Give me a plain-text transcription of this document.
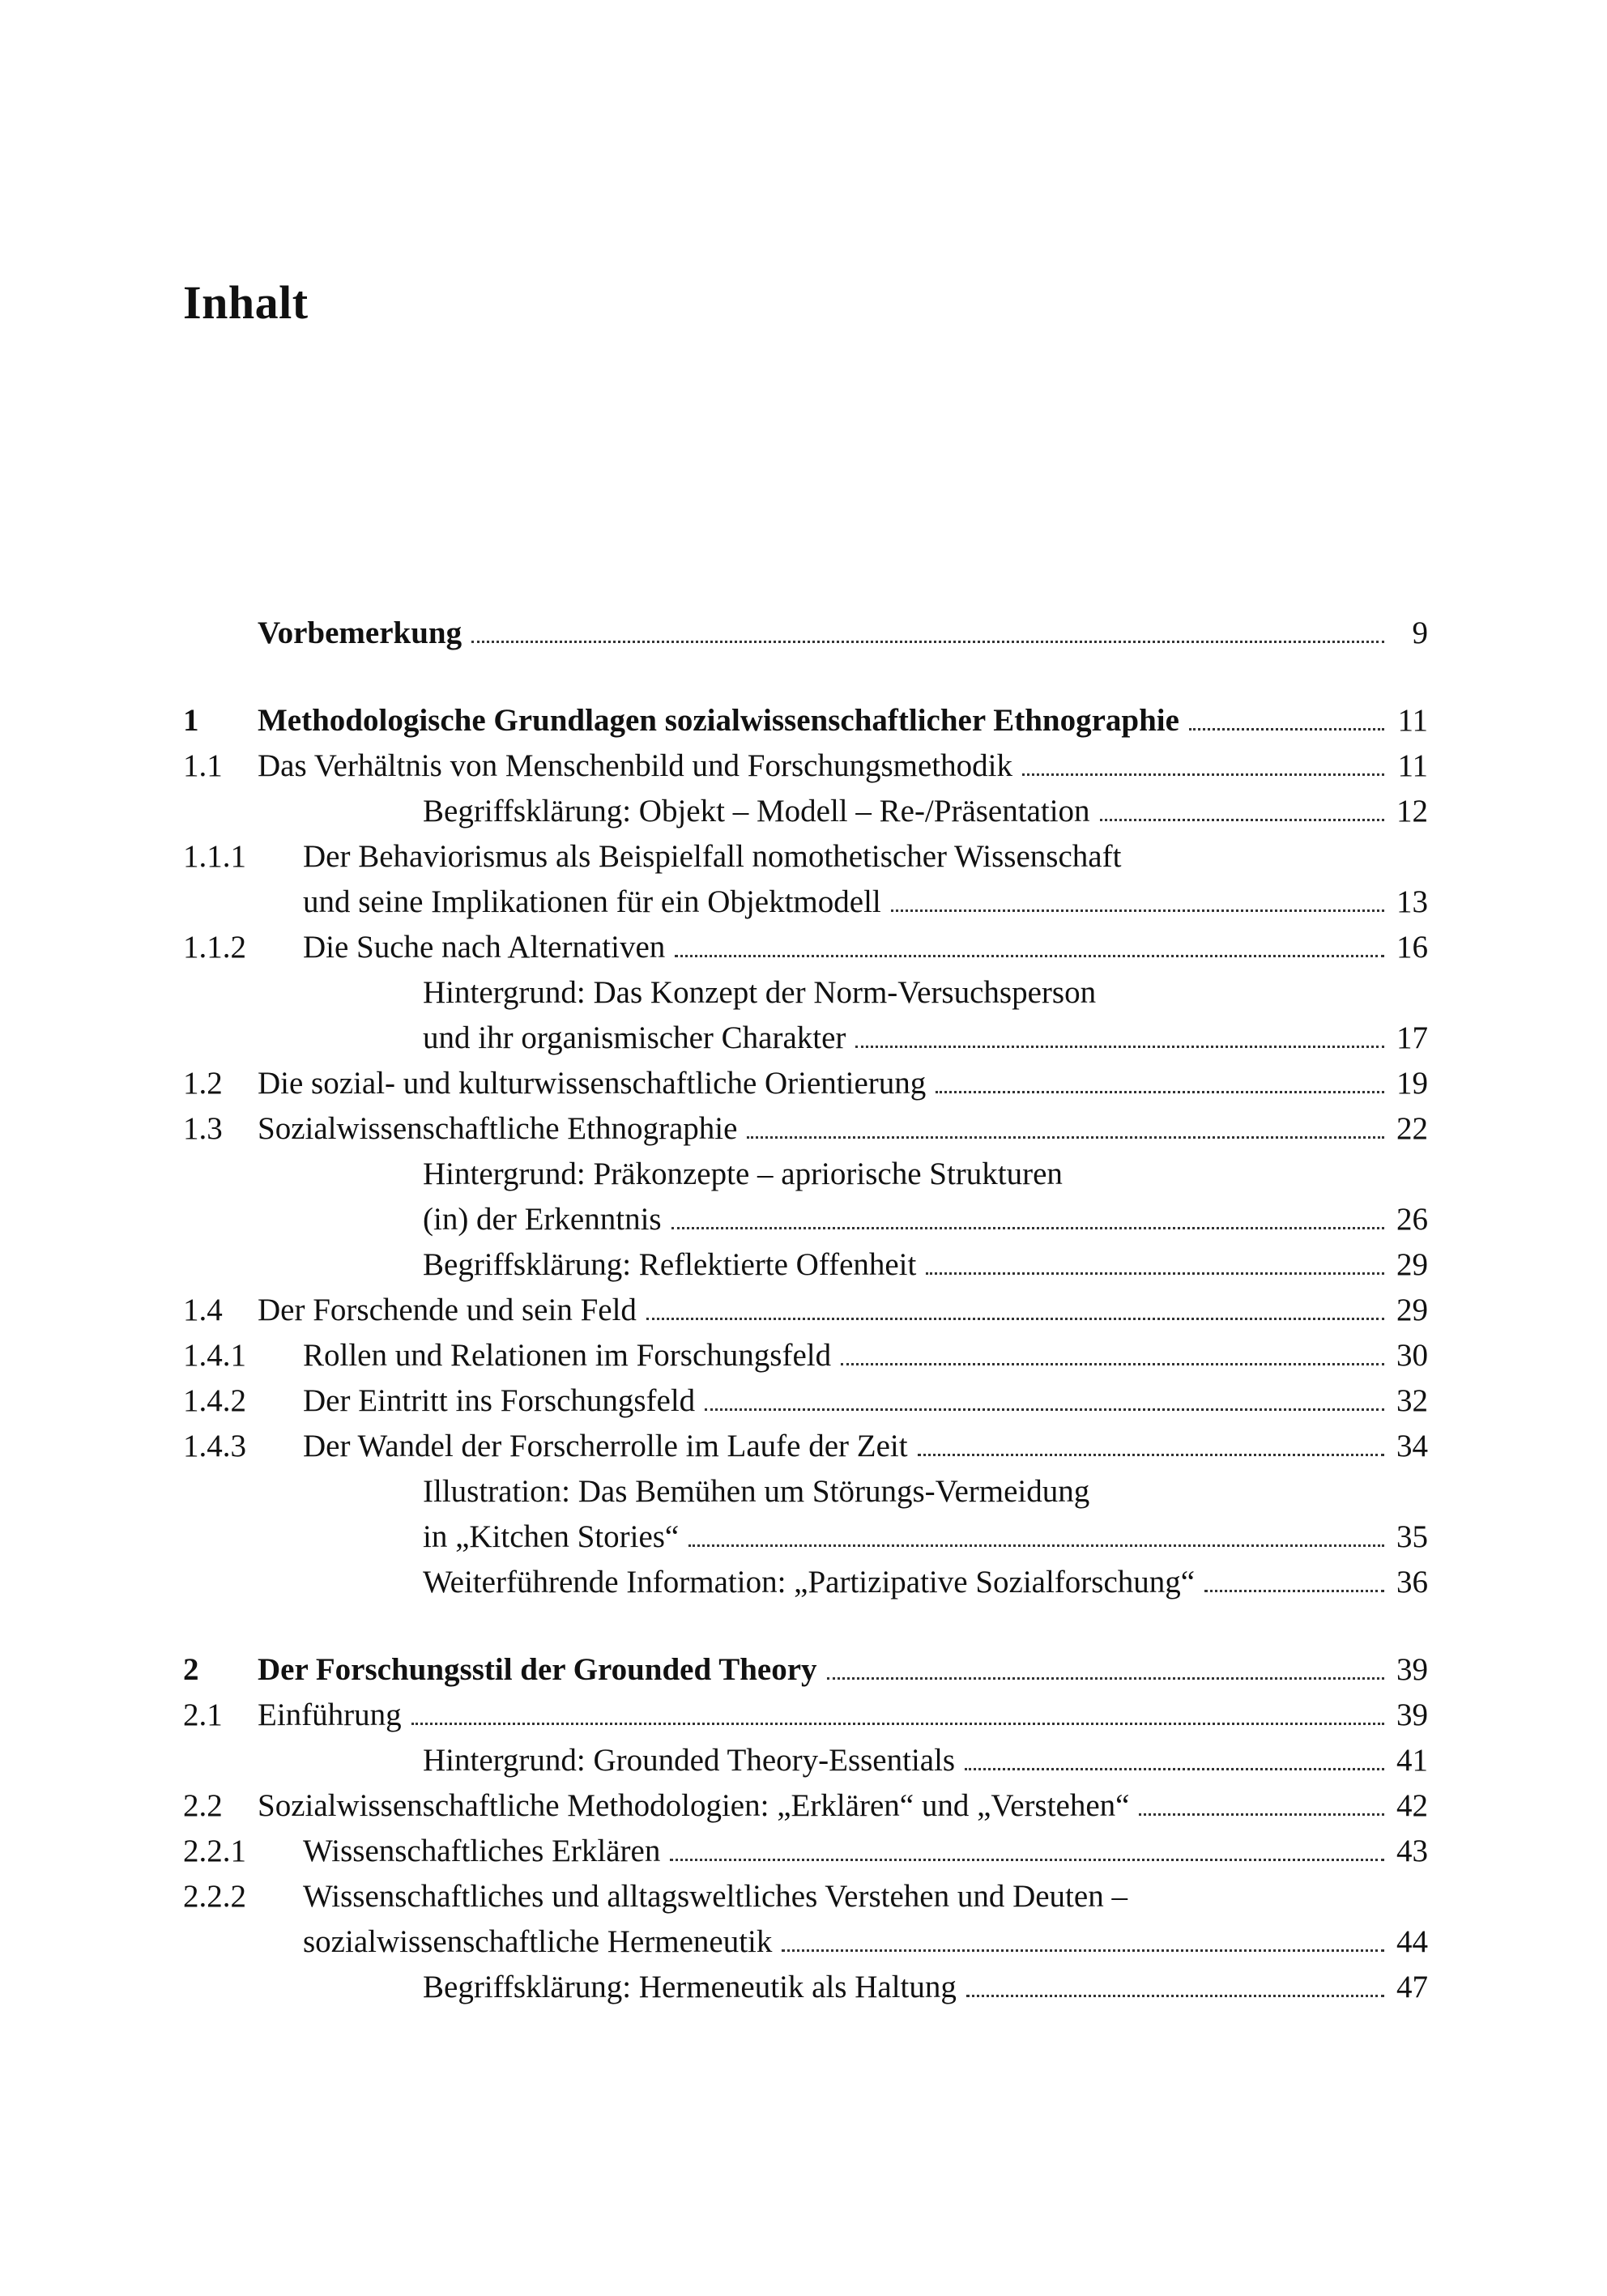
Inhalt
Vorbemerkung	9
1 Methodologische Grundlagen sozialwissenschaftlicher Ethnographie	11
1.1 Das Verhältnis von Menschenbild und Forschungsmethodik	11
Begriffsklärung: Objekt – Modell – Re-/Präsentation	12
1.1.1 Der Behaviorismus als Beispielfall nomothetischer Wissenschaft
und seine Implikationen für ein Objektmodell	13
1.1.2 Die Suche nach Alternativen	16
Hintergrund: Das Konzept der Norm-Versuchsperson
und ihr organismischer Charakter	17
1.2 Die sozial- und kulturwissenschaftliche Orientierung	19
1.3 Sozialwissenschaftliche Ethnographie	22
Hintergrund: Präkonzepte – apriorische Strukturen
(in) der Erkenntnis	26
Begriffsklärung: Reflektierte Offenheit	29
1.4 Der Forschende und sein Feld	29
1.4.1 Rollen und Relationen im Forschungsfeld	30
1.4.2 Der Eintritt ins Forschungsfeld	32
1.4.3 Der Wandel der Forscherrolle im Laufe der Zeit	34
Illustration: Das Bemühen um Störungs-Vermeidung
in „Kitchen Stories“	35
Weiterführende Information: „Partizipative Sozialforschung“	36
2 Der Forschungsstil der Grounded Theory	39
2.1 Einführung	39
Hintergrund: Grounded Theory-Essentials	41
2.2 Sozialwissenschaftliche Methodologien: „Erklären“ und „Verstehen“	42
2.2.1 Wissenschaftliches Erklären	43
2.2.2 Wissenschaftliches und alltagsweltliches Verstehen und Deuten –
sozialwissenschaftliche Hermeneutik	44
Begriffsklärung: Hermeneutik als Haltung	47
